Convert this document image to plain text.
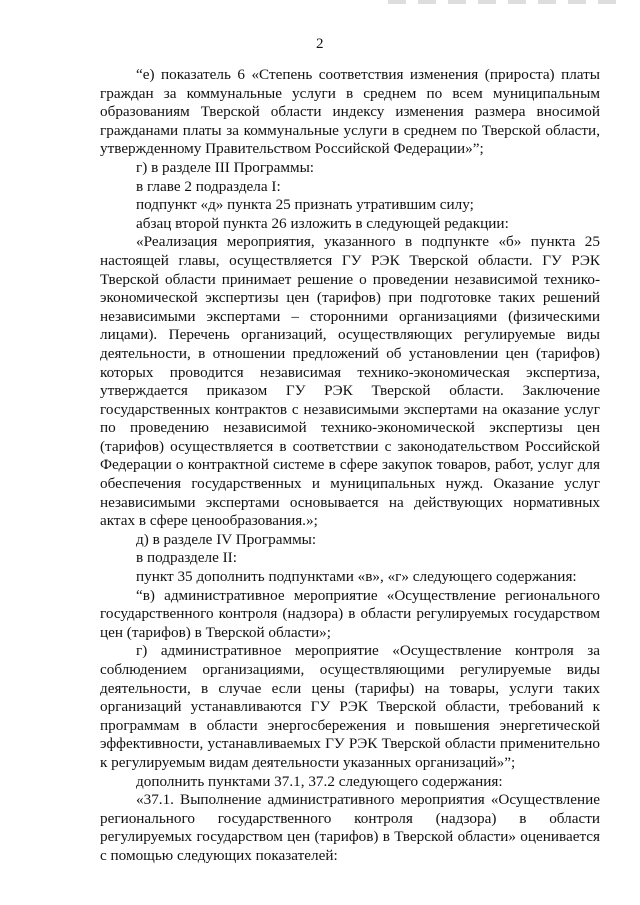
2

“е) показатель 6 «Степень соответствия изменения (прироста) платы граждан за коммунальные услуги в среднем по всем муниципальным образованиям Тверской области индексу изменения размера вносимой гражданами платы за коммунальные услуги в среднем по Тверской области, утвержденному Правительством Российской Федерации»”;

г) в разделе III Программы:

в главе 2 подраздела I:

подпункт «д» пункта 25 признать утратившим силу;

абзац второй пункта 26 изложить в следующей редакции:

«Реализация мероприятия, указанного в подпункте «б» пункта 25 настоящей главы, осуществляется ГУ РЭК Тверской области. ГУ РЭК Тверской области принимает решение о проведении независимой технико-экономической экспертизы цен (тарифов) при подготовке таких решений независимыми экспертами – сторонними организациями (физическими лицами). Перечень организаций, осуществляющих регулируемые виды деятельности, в отношении предложений об установлении цен (тарифов) которых проводится независимая технико-экономическая экспертиза, утверждается приказом ГУ РЭК Тверской области. Заключение государственных контрактов с независимыми экспертами на оказание услуг по проведению независимой технико-экономической экспертизы цен (тарифов) осуществляется в соответствии с законодательством Российской Федерации о контрактной системе в сфере закупок товаров, работ, услуг для обеспечения государственных и муниципальных нужд. Оказание услуг независимыми экспертами основывается на действующих нормативных актах в сфере ценообразования.»;

д) в разделе IV Программы:

в подразделе II:

пункт 35 дополнить подпунктами «в», «г» следующего содержания:

“в) административное мероприятие «Осуществление регионального государственного контроля (надзора) в области регулируемых государством цен (тарифов) в Тверской области»;

г) административное мероприятие «Осуществление контроля за соблюдением организациями, осуществляющими регулируемые виды деятельности, в случае если цены (тарифы) на товары, услуги таких организаций устанавливаются ГУ РЭК Тверской области, требований к программам в области энергосбережения и повышения энергетической эффективности, устанавливаемых ГУ РЭК Тверской области применительно к регулируемым видам деятельности указанных организаций»”;

дополнить пунктами 37.1, 37.2 следующего содержания:

«37.1. Выполнение административного мероприятия «Осуществление регионального государственного контроля (надзора) в области регулируемых государством цен (тарифов) в Тверской области» оценивается с помощью следующих показателей:
